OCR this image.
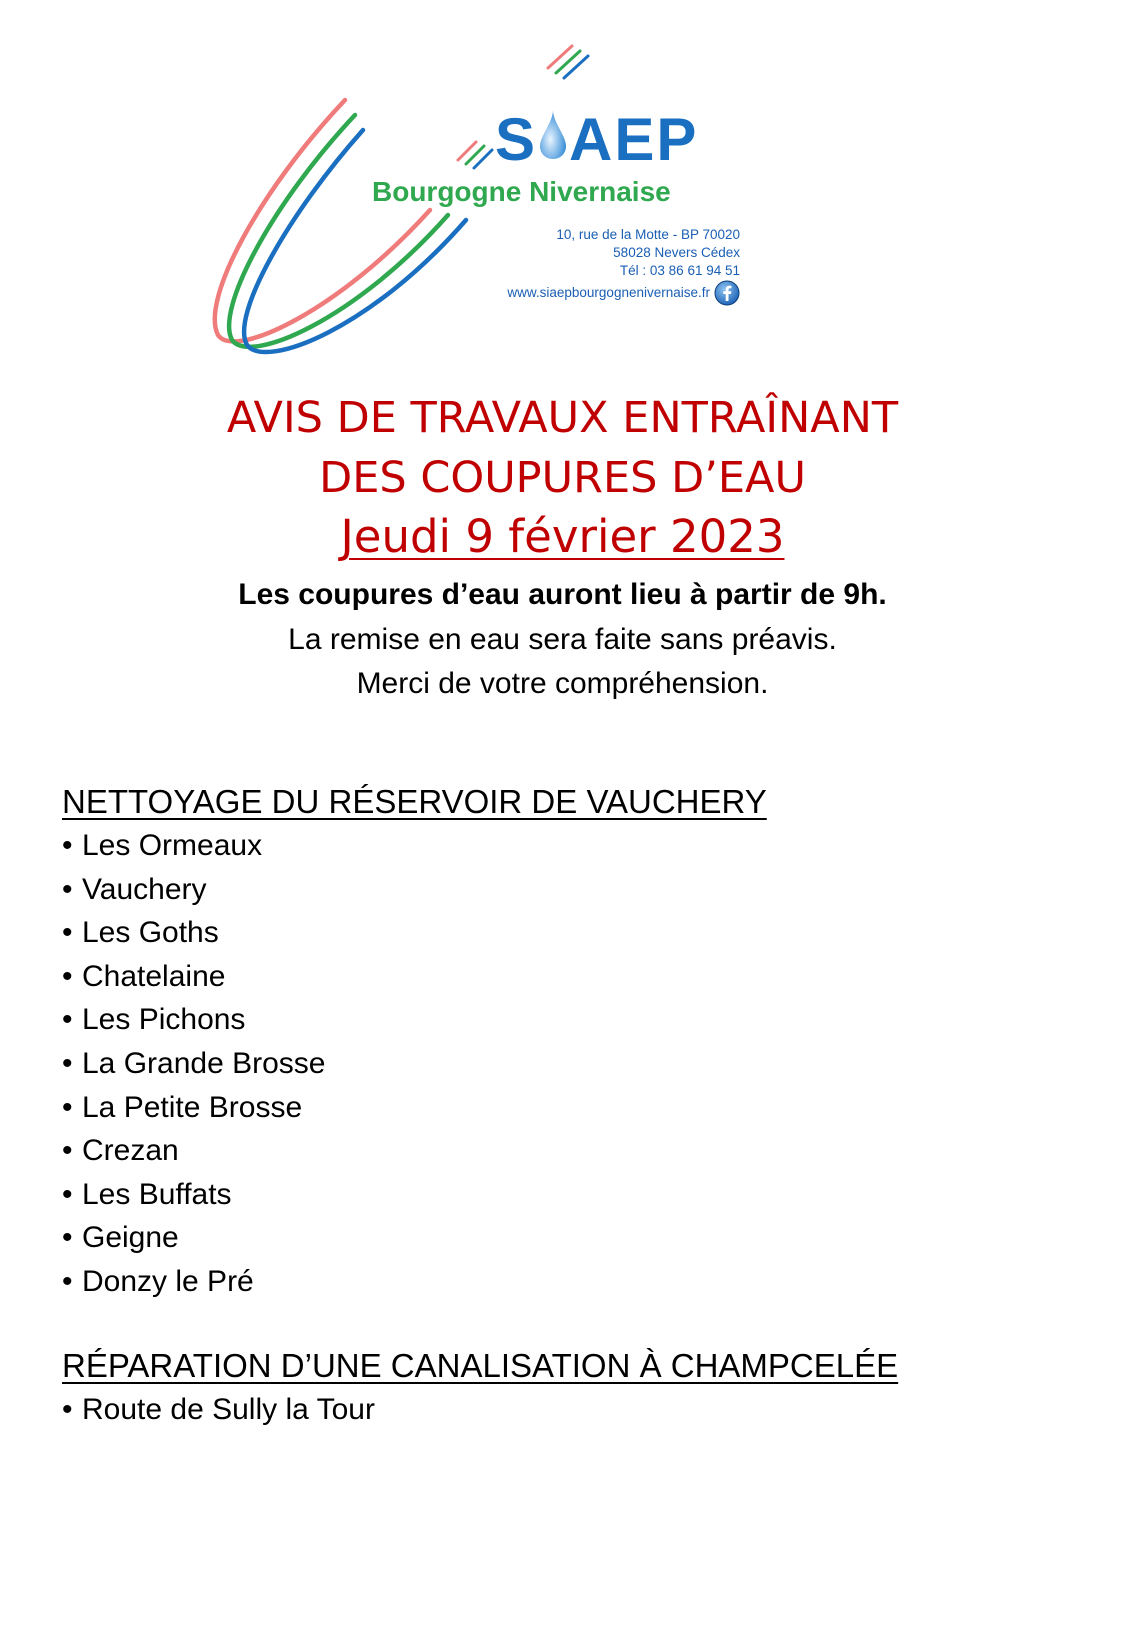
S AEP
Bourgogne Nivernaise
10, rue de la Motte - BP 70020
58028 Nevers Cédex
Tél : 03 86 61 94 51
www.siaepbourgognenivernaise.fr
AVIS DE TRAVAUX ENTRAÎNANT
DES COUPURES D’EAU
Jeudi 9 février 2023
Les coupures d’eau auront lieu à partir de 9h.
La remise en eau sera faite sans préavis.
Merci de votre compréhension.
NETTOYAGE DU RÉSERVOIR DE VAUCHERY
• Les Ormeaux
• Vauchery
• Les Goths
• Chatelaine
• Les Pichons
• La Grande Brosse
• La Petite Brosse
• Crezan
• Les Buffats
• Geigne
• Donzy le Pré
RÉPARATION D’UNE CANALISATION À CHAMPCELÉE
• Route de Sully la Tour
